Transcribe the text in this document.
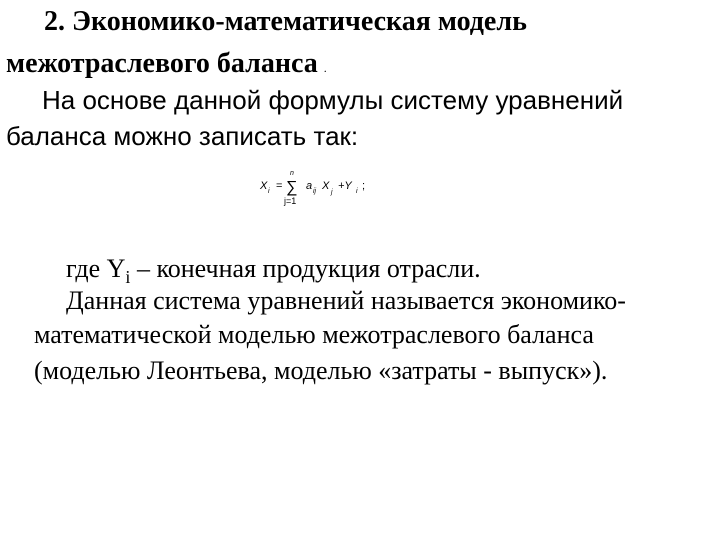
2. Экономико-математическая модель
межотраслевого баланса .
На основе данной формулы систему уравнений
баланса можно записать так:
X i =
n
∑
j=1
a ij X
j
+Y i ;
где $Y_i$ – конечная продукция отрасли.
Данная система уравнений называется экономико-
математической моделью межотраслевого баланса
(моделью Леонтьева, моделью «затраты - выпуск»).
